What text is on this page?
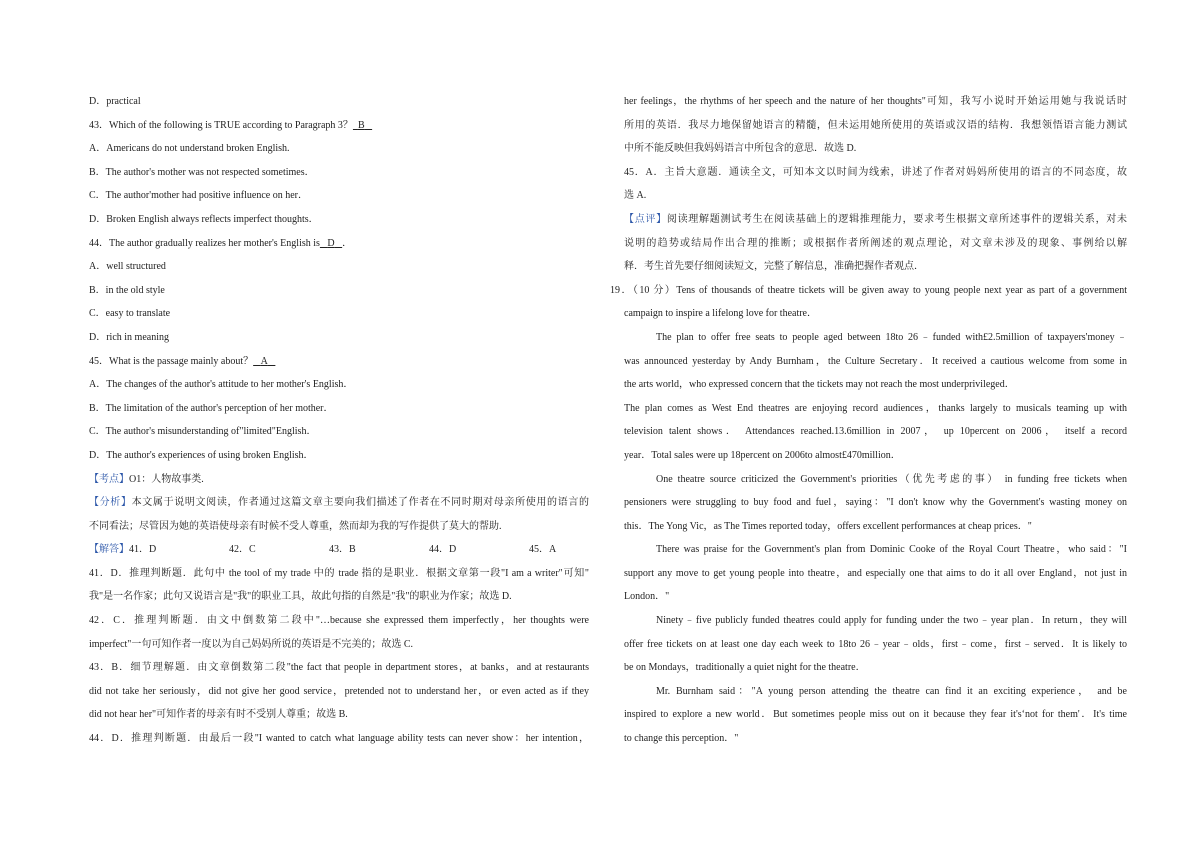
D．practical

43．Which of the following is TRUE according to Paragraph 3？ B

A．Americans do not understand broken English.

B．The author's mother was not respected sometimes．

C．The author'mother had positive influence on her．

D．Broken English always reflects imperfect thoughts．

44．The author gradually realizes her mother's English is D ．

A．well structured

B．in the old style

C．easy to translate

D．rich in meaning

45．What is the passage mainly about？ A

A．The changes of the author's attitude to her mother's English．

B．The limitation of the author's perception of her mother．

C．The author's misunderstanding of"limited"English．

D．The author's experiences of using broken English．

【考点】O1：人物故事类.

【分析】本文属于说明文阅读，作者通过这篇文章主要向我们描述了作者在不同时期对母亲所使用的语言的

不同看法；尽管因为她的英语使母亲有时候不受人尊重，然而却为我的写作提供了莫大的帮助.

【解答】41．D	42．C	43．B	44．D	45．A

41．D．推理判断题．此句中 the tool of my trade 中的 trade 指的是职业．根据文章第一段"I am a writer"可知"

我"是一名作家；此句又说语言是"我"的职业工具，故此句指的自然是"我"的职业为作家；故选 D.

42．C．推理判断题．由文中倒数第二段中"…because she expressed them imperfectly，her thoughts were

imperfect"一句可知作者一度以为自己妈妈所说的英语是不完美的；故选 C.

43．B．细节理解题．由文章倒数第二段"the fact that people in department stores，at banks，and at restaurants

did not take her seriously，did not give her good service，pretended not to understand her，or even acted as if they

did not hear her"可知作者的母亲有时不受别人尊重；故选 B.

44．D．推理判断题．由最后一段"I wanted to catch what language ability tests can never show：her intention，

her feelings，the rhythms of her speech and the nature of her thoughts"可知，我写小说时开始运用她与我说话时

所用的英语．我尽力地保留她语言的精髓，但未运用她所使用的英语或汉语的结构．我想领悟语言能力测试

中所不能反映但我妈妈语言中所包含的意思．故选 D.

45．A．主旨大意题．通读全文，可知本文以时间为线索，讲述了作者对妈妈所使用的语言的不同态度，故

选 A.

【点评】阅读理解题测试考生在阅读基础上的逻辑推理能力，要求考生根据文章所述事件的逻辑关系，对未

说明的趋势或结局作出合理的推断；或根据作者所阐述的观点理论，对文章未涉及的现象、事例给以解

释．考生首先要仔细阅读短文，完整了解信息，准确把握作者观点．

19．（10 分）Tens of thousands of theatre tickets will be given away to young people next year as part of a government

campaign to inspire a lifelong love for theatre．

The plan to offer free seats to people aged between 18to 26﹣funded with£2.5million of taxpayers'money﹣

was announced yesterday by Andy Burnham，the Culture Secretary．It received a cautious welcome from some in

the arts world，who expressed concern that the tickets may not reach the most underprivileged．

The plan comes as West End theatres are enjoying record audiences，thanks largely to musicals teaming up with

television talent shows． Attendances reached.13.6million in 2007， up 10percent on 2006， itself a record

year．Total sales were up 18percent on 2006to almost£470million．

One theatre source criticized the Government's priorities（优先考虑的事） in funding free tickets when

pensioners were struggling to buy food and fuel，saying："I don't know why the Government's wasting money on

this．The Yong Vic，as The Times reported today，offers excellent performances at cheap prices．"

There was praise for the Government's plan from Dominic Cooke of the Royal Court Theatre，who said："I

support any move to get young people into theatre，and especially one that aims to do it all over England，not just in

London．"

Ninety﹣five publicly funded theatres could apply for funding under the two﹣year plan．In return，they will

offer free tickets on at least one day each week to 18to 26﹣year﹣olds，first﹣come，first﹣served．It is likely to

be on Mondays，traditionally a quiet night for the theatre．

Mr. Burnham said："A young person attending the theatre can find it an exciting experience， and be

inspired to explore a new world．But sometimes people miss out on it because they fear it's‘not for them'．It's time

to change this perception．"
